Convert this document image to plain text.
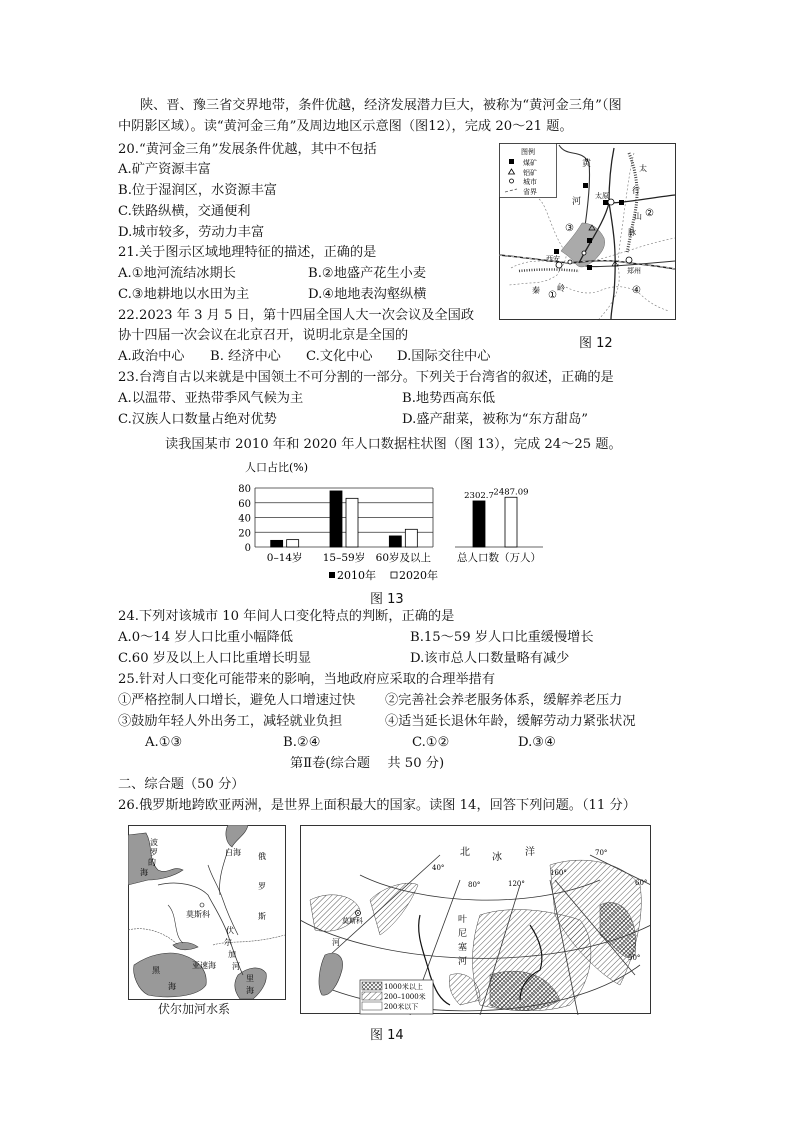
陕、晋、豫三省交界地带，条件优越，经济发展潜力巨大，被称为“黄河金三角”（图
中阴影区域）。读“黄河金三角”及周边地区示意图（图12），完成 20～21 题。
20.“黄河金三角”发展条件优越，其中不包括
A.矿产资源丰富
B.位于湿润区，水资源丰富
C.铁路纵横，交通便利
D.城市较多，劳动力丰富
21.关于图示区域地理特征的描述，正确的是
A.①地河流结冰期长	B.②地盛产花生小麦
C.③地耕地以水田为主	D.④地地表沟壑纵横
图例
煤矿
铝矿
城市
省界
黄
河
太
行
山
脉
秦 岭
太原
西安
郑州
①
②
③
④
图 12
22.2023 年 3 月 5 日，第十四届全国人大一次会议及全国政
协十四届一次会议在北京召开，说明北京是全国的
A.政治中心 B. 经济中心 C.文化中心 D.国际交往中心
23.台湾自古以来就是中国领土不可分割的一部分。下列关于台湾省的叙述，正确的是
A.以温带、亚热带季风气候为主	B.地势西高东低
C.汉族人口数量占绝对优势	D.盛产甜菜，被称为“东方甜岛”
读我国某市 2010 年和 2020 年人口数据柱状图（图 13），完成 24～25 题。
人口占比(%)
0
20
40
60
80
0–14岁 15–59岁 60岁及以上
2302.7 2487.09
总人口数（万人）
2010年 2020年
图 13
24.下列对该城市 10 年间人口变化特点的判断，正确的是
A.0～14 岁人口比重小幅降低	B.15～59 岁人口比重缓慢增长
C.60 岁及以上人口比重增长明显	D.该市总人口数量略有减少
25.针对人口变化可能带来的影响，当地政府应采取的合理举措有
①严格控制人口增长，避免人口增速过快 ②完善社会养老服务体系，缓解养老压力
③鼓励年轻人外出务工，减轻就业负担	④适当延长退休年龄，缓解劳动力紧张状况
A.①③	B.②④	C.①②	D.③④
第Ⅱ卷(综合题　 共 50 分)
二、综合题（50 分）
26.俄罗斯地跨欧亚两洲，是世界上面积最大的国家。读图 14，回答下列问题。（11 分）
波
罗
的
海
白海 俄
罗
斯
莫斯科
伏
尔
加
河
亚速海
黑
海
里
海
伏尔加河水系
北 冰 洋
40°
80°	120°
160°
70°
60°
50°
莫斯科	叶
尼
塞
河
河
1000米以上
200–1000米
200米以下
图 14
